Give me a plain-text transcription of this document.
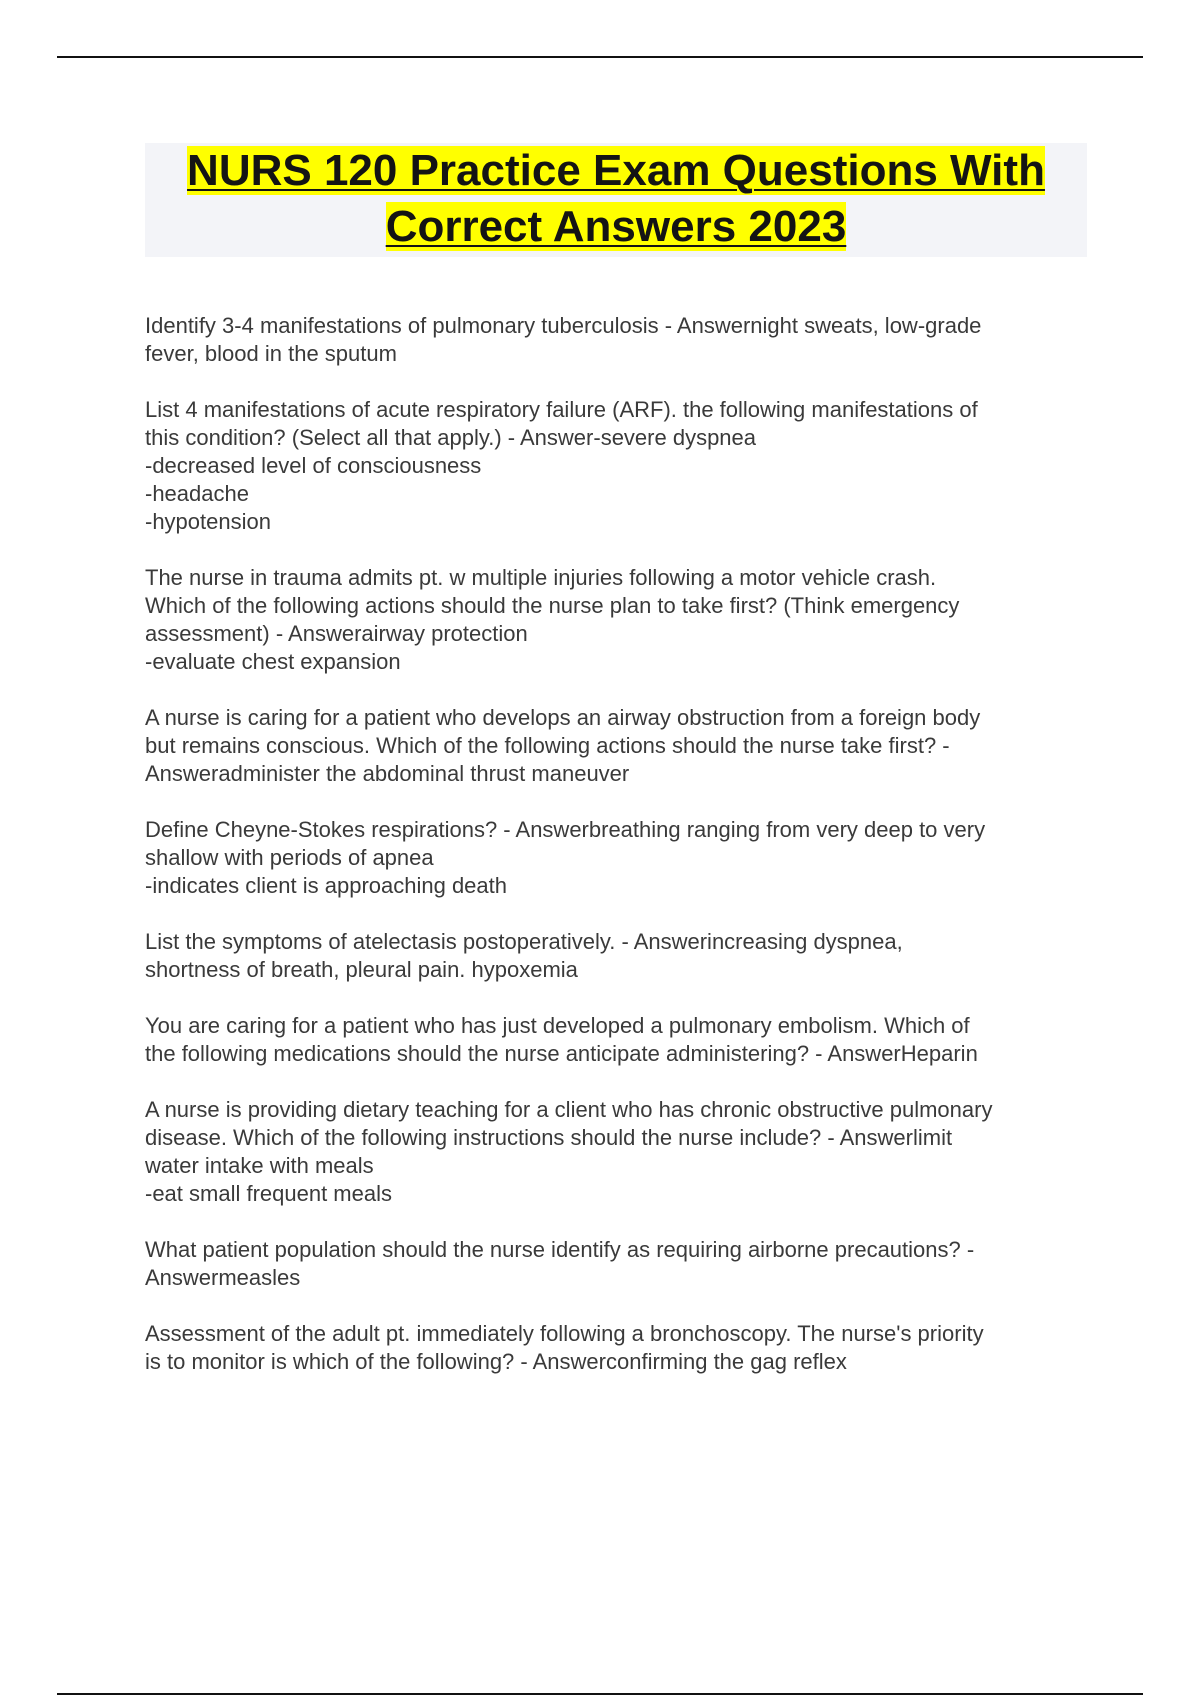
NURS 120 Practice Exam Questions With
Correct Answers 2023
Identify 3-4 manifestations of pulmonary tuberculosis - Answernight sweats, low-grade
fever, blood in the sputum
List 4 manifestations of acute respiratory failure (ARF). the following manifestations of
this condition? (Select all that apply.) - Answer-severe dyspnea
-decreased level of consciousness
-headache
-hypotension
The nurse in trauma admits pt. w multiple injuries following a motor vehicle crash.
Which of the following actions should the nurse plan to take first? (Think emergency
assessment) - Answerairway protection
-evaluate chest expansion
A nurse is caring for a patient who develops an airway obstruction from a foreign body
but remains conscious. Which of the following actions should the nurse take first? -
Answeradminister the abdominal thrust maneuver
Define Cheyne-Stokes respirations? - Answerbreathing ranging from very deep to very
shallow with periods of apnea
-indicates client is approaching death
List the symptoms of atelectasis postoperatively. - Answerincreasing dyspnea,
shortness of breath, pleural pain. hypoxemia
You are caring for a patient who has just developed a pulmonary embolism. Which of
the following medications should the nurse anticipate administering? - AnswerHeparin
A nurse is providing dietary teaching for a client who has chronic obstructive pulmonary
disease. Which of the following instructions should the nurse include? - Answerlimit
water intake with meals
-eat small frequent meals
What patient population should the nurse identify as requiring airborne precautions? -
Answermeasles
Assessment of the adult pt. immediately following a bronchoscopy. The nurse's priority
is to monitor is which of the following? - Answerconfirming the gag reflex
